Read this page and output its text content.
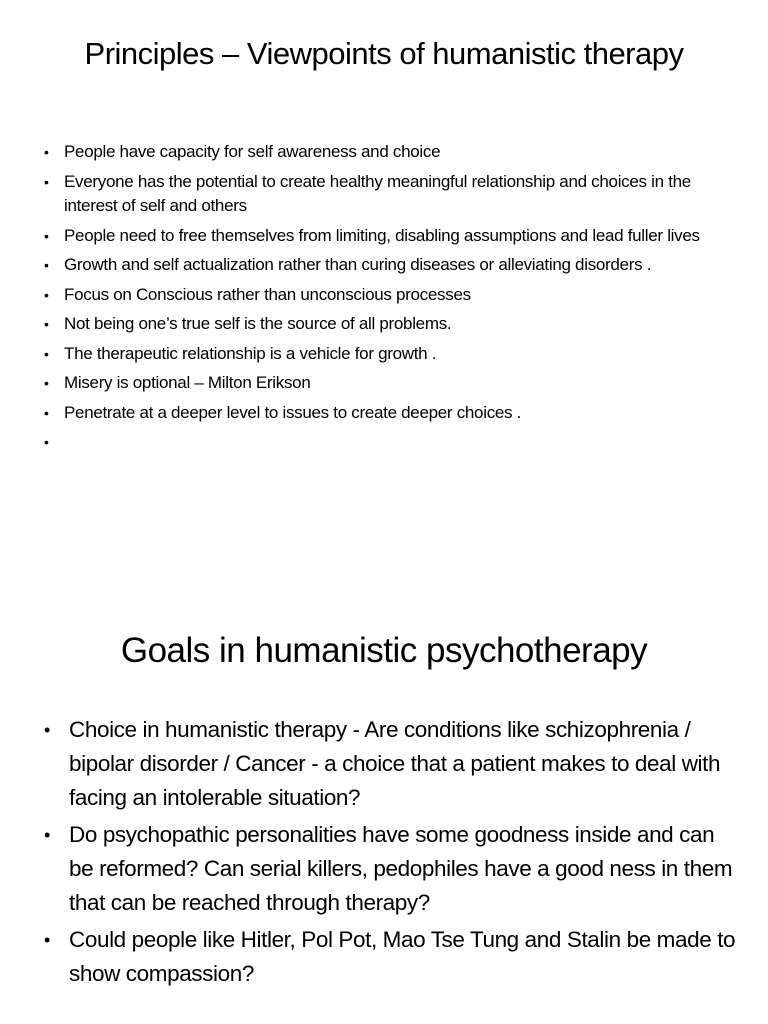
Principles – Viewpoints of humanistic therapy
• People have capacity for self awareness and choice
• Everyone has the potential to create healthy meaningful relationship and choices in the interest of self and others
• People need to free themselves from limiting, disabling assumptions and lead fuller lives
• Growth and self actualization rather than curing diseases or alleviating disorders .
• Focus on Conscious rather than unconscious processes
• Not being one’s true self is the source of all problems.
• The therapeutic relationship is a vehicle for growth .
• Misery is optional – Milton Erikson
• Penetrate at a deeper level to issues to create deeper choices .
•

Goals in humanistic psychotherapy
• Choice in humanistic therapy - Are conditions like schizophrenia / bipolar disorder / Cancer - a choice that a patient makes to deal with facing an intolerable situation?
• Do psychopathic personalities have some goodness inside and can be reformed? Can serial killers, pedophiles have a good ness in them that can be reached through therapy?
• Could people like Hitler, Pol Pot, Mao Tse Tung and Stalin be made to show compassion?
